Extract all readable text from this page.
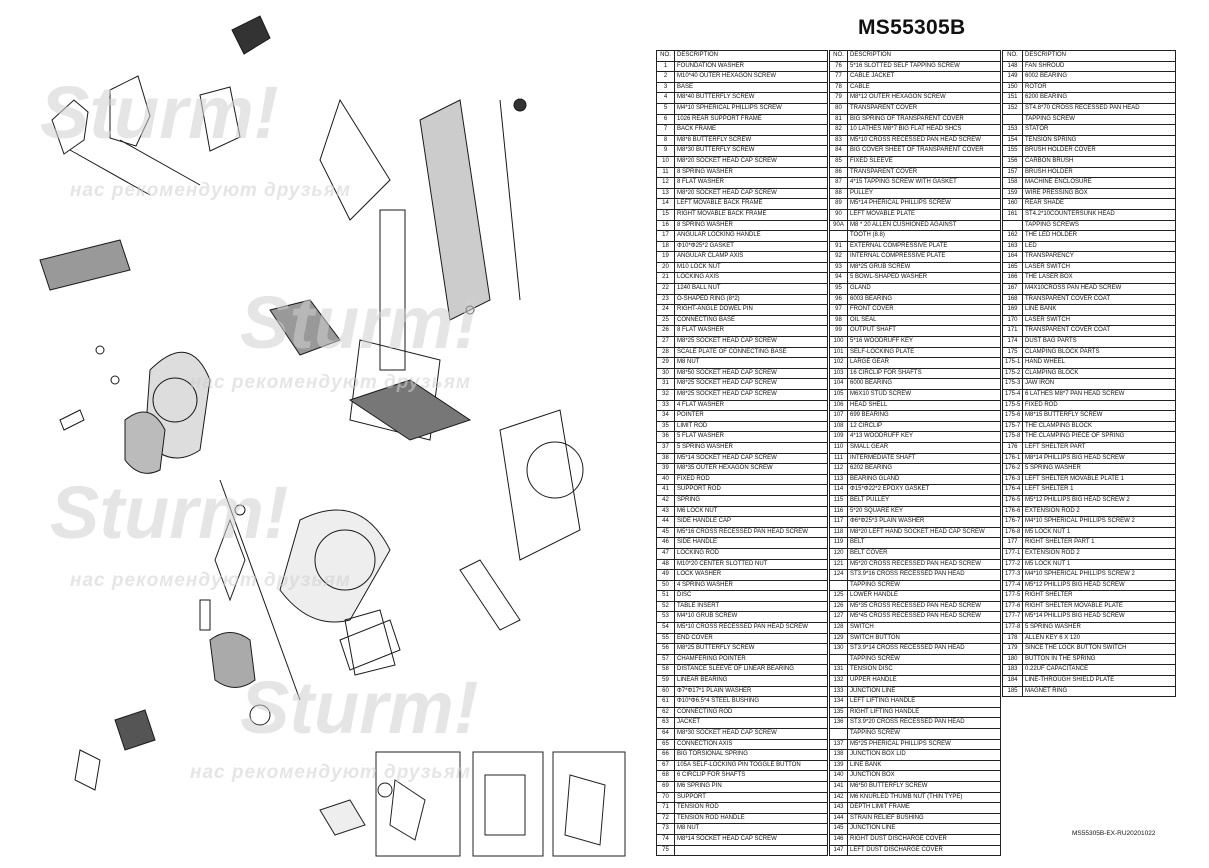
Sturm!
нас рекомендуют друзьям
Sturm!
нас рекомендуют друзьям
Sturm!
нас рекомендуют друзьям
Sturm!
нас рекомендуют друзьям
MS55305B
NO.	DESCRIPTION
1	FOUNDATION WASHER
2	M10*40 OUTER HEXAGON SCREW
3	BASE
4	M8*40 BUTTERFLY SCREW
5	M4*10 SPHERICAL PHILLIPS SCREW
6	1026 REAR SUPPORT FRAME
7	BACK FRAME
8	M8*8 BUTTERFLY SCREW
9	M8*30 BUTTERFLY SCREW
10	M8*20 SOCKET HEAD CAP SCREW
11	8 SPRING WASHER
12	8 FLAT WASHER
13	M8*20 SOCKET HEAD CAP SCREW
14	LEFT MOVABLE BACK FRAME
15	RIGHT MOVABLE BACK FRAME
16	8 SPRING WASHER
17	ANGULAR LOCKING HANDLE
18	Φ10*Φ25*2 GASKET
19	ANGULAR CLAMP AXIS
20	M10 LOCK NUT
21	LOCKING AXIS
22	1240 BALL NUT
23	O-SHAPED RING (8*2)
24	RIGHT-ANGLE DOWEL PIN
25	CONNECTING BASE
26	8 FLAT WASHER
27	M8*25 SOCKET HEAD CAP SCREW
28	SCALE PLATE OF CONNECTING BASE
29	M8 NUT
30	M8*50 SOCKET HEAD CAP SCREW
31	M8*25 SOCKET HEAD CAP SCREW
32	M8*25 SOCKET HEAD CAP SCREW
33	4 FLAT WASHER
34	POINTER
35	LIMIT ROD
36	5 FLAT WASHER
37	5 SPRING WASHER
38	M5*14 SOCKET HEAD CAP SCREW
39	M8*35 OUTER HEXAGON SCREW
40	FIXED ROD
41	SUPPORT ROD
42	SPRING
43	M6 LOCK NUT
44	SIDE HANDLE CAP
45	M5*16 CROSS RECESSED PAN HEAD SCREW
46	SIDE HANDLE
47	LOCKING ROD
48	M10*20 CENTER SLOTTED NUT
49	LOCK WASHER
50	4 SPRING WASHER
51	DISC
52	TABLE INSERT
53	M4*10 GRUB SCREW
54	M5*10 CROSS RECESSED PAN HEAD SCREW
55	END COVER
56	M8*25 BUTTERFLY SCREW
57	CHAMFERING POINTER
58	DISTANCE SLEEVE OF LINEAR BEARING
59	LINEAR BEARING
60	Φ7*Φ17*1 PLAIN WASHER
61	Φ10*Φ6.5*4 STEEL BUSHING
62	CONNECTING ROD
63	JACKET
64	M8*30 SOCKET HEAD CAP SCREW
65	CONNECTION AXIS
66	BIG TORSIONAL SPRING
67	105A SELF-LOCKING PIN TOGGLE BUTTON
68	6 CIRCLIP FOR SHAFTS
69	M6 SPRING PIN
70	SUPPORT
71	TENSION ROD
72	TENSION ROD HANDLE
73	M8 NUT
74	M8*14 SOCKET HEAD CAP SCREW
75	
NO.	DESCRIPTION
76	5*16 SLOTTED SELF TAPPING SCREW
77	CABLE JACKET
78	CABLE
79	M8*12 OUTER HEXAGON SCREW
80	TRANSPARENT COVER
81	BIG SPRING OF TRANSPARENT COVER
82	10 LATHES M8*7 BIG FLAT HEAD SHCS
83	M5*10 CROSS RECESSED PAN HEAD SCREW
84	BIG COVER SHEET OF TRANSPARENT COVER
85	FIXED SLEEVE
86	TRANSPARENT COVER
87	4*15 TAPPING SCREW WITH GASKET
88	PULLEY
89	M5*14 PHERICAL PHILLIPS SCREW
90	LEFT MOVABLE PLATE
90A	M8 * 20 ALLEN CUSHIONED AGAINST
	TOOTH (8.8)
91	EXTERNAL COMPRESSIVE PLATE
92	INTERNAL COMPRESSIVE PLATE
93	M8*25 GRUB SCREW
94	5 BOWL-SHAPED WASHER
95	GLAND
96	6003 BEARING
97	FRONT COVER
98	OIL SEAL
99	OUTPUT SHAFT
100	5*16 WOODRUFF KEY
101	SELF-LOCKING PLATE
102	LARGE GEAR
103	16 CIRCLIP FOR SHAFTS
104	6000 BEARING
105	M6X10 STUD SCREW
106	HEAD SHELL
107	699 BEARING
108	12 CIRCLIP
109	4*13 WOODRUFF KEY
110	SMALL GEAR
111	INTERMEDIATE SHAFT
112	6202 BEARING
113	BEARING GLAND
114	Φ15*Φ22*2 EPOXY GASKET
115	BELT PULLEY
116	5*20 SQUARE KEY
117	Φ6*Φ25*3 PLAIN WASHER
118	M8*20 LEFT HAND SOCKET HEAD CAP SCREW
119	BELT
120	BELT COVER
121	M5*20 CROSS RECESSED PAN HEAD SCREW
124	ST3.9*16 CROSS RECESSED PAN HEAD
	TAPPING SCREW
125	LOWER HANDLE
126	M5*35 CROSS RECESSED PAN HEAD SCREW
127	M5*45 CROSS RECESSED PAN HEAD SCREW
128	SWITCH
129	SWITCH BUTTON
130	ST3.9*14 CROSS RECESSED PAN HEAD
	TAPPING SCREW
131	TENSION DISC
132	UPPER HANDLE
133	JUNCTION LINE
134	LEFT LIFTING HANDLE
135	RIGHT LIFTING HANDLE
136	ST3.9*20 CROSS RECESSED PAN HEAD
	TAPPING SCREW
137	M5*25 PHERICAL PHILLIPS SCREW
138	JUNCTION BOX LID
139	LINE BANK
140	JUNCTION BOX
141	M6*50 BUTTERFLY SCREW
142	M6 KNURLED THUMB NUT (THIN TYPE)
143	DEPTH LIMIT FRAME
144	STRAIN RELIEF BUSHING
145	JUNCTION LINE
146	RIGHT DUST DISCHARGE COVER
147	LEFT DUST DISCHARGE COVER
NO.	DESCRIPTION
148	FAN SHROUD
149	6002 BEARING
150	ROTOR
151	6200 BEARING
152	ST4.8*70 CROSS RECESSED PAN HEAD
	TAPPING SCREW
153	STATOR
154	TENSION SPRING
155	BRUSH HOLDER COVER
156	CARBON BRUSH
157	BRUSH HOLDER
158	MACHINE ENCLOSURE
159	WIRE PRESSING BOX
160	REAR SHADE
161	ST4.2*10COUNTERSUNK HEAD
	TAPPING SCREWS
162	THE LED HOLDER
163	LED
164	TRANSPARENCY
165	LASER SWITCH
166	THE LASER BOX
167	M4X10CROSS PAN HEAD SCREW
168	TRANSPARENT COVER COAT
169	LINE BANK
170	LASER SWITCH
171	TRANSPARENT COVER COAT
174	DUST BAG PARTS
175	CLAMPING BLOCK PARTS
175-1	HAND WHEEL
175-2	CLAMPING BLOCK
175-3	JAW IRON
175-4	6 LATHES M8*7 PAN HEAD SCREW
175-5	FIXED ROD
175-6	M8*15 BUTTERFLY SCREW
175-7	THE CLAMPING BLOCK
175-8	THE CLAMPING PIECE OF SPRING
176	LEFT SHELTER PART
176-1	M8*14 PHILLIPS BIG HEAD SCREW
176-2	5 SPRING WASHER
176-3	LEFT SHELTER MOVABLE PLATE 1
176-4	LEFT SHELTER 1
176-5	M5*12 PHILLIPS BIG HEAD SCREW 2
176-6	EXTENSION ROD 2
176-7	M4*10 SPHERICAL PHILLIPS SCREW 2
176-8	M5 LOCK NUT 1
177	RIGHT SHELTER PART 1
177-1	EXTENSION ROD 2
177-2	M5 LOCK NUT 1
177-3	M4*10 SPHERICAL PHILLIPS SCREW 2
177-4	M5*12 PHILLIPS BIG HEAD SCREW
177-5	RIGHT SHELTER
177-6	RIGHT SHELTER MOVABLE PLATE
177-7	M5*14 PHILLIPS BIG HEAD SCREW
177-8	5 SPRING WASHER
178	ALLEN KEY 6 X 120
179	SINCE THE LOCK BUTTON SWITCH
180	BUTTON IN THE SPRING
183	0.22UF CAPACITANCE
184	LINE-THROUGH SHIELD PLATE
185	MAGNET RING
MS55305B-EX-RU20201022
